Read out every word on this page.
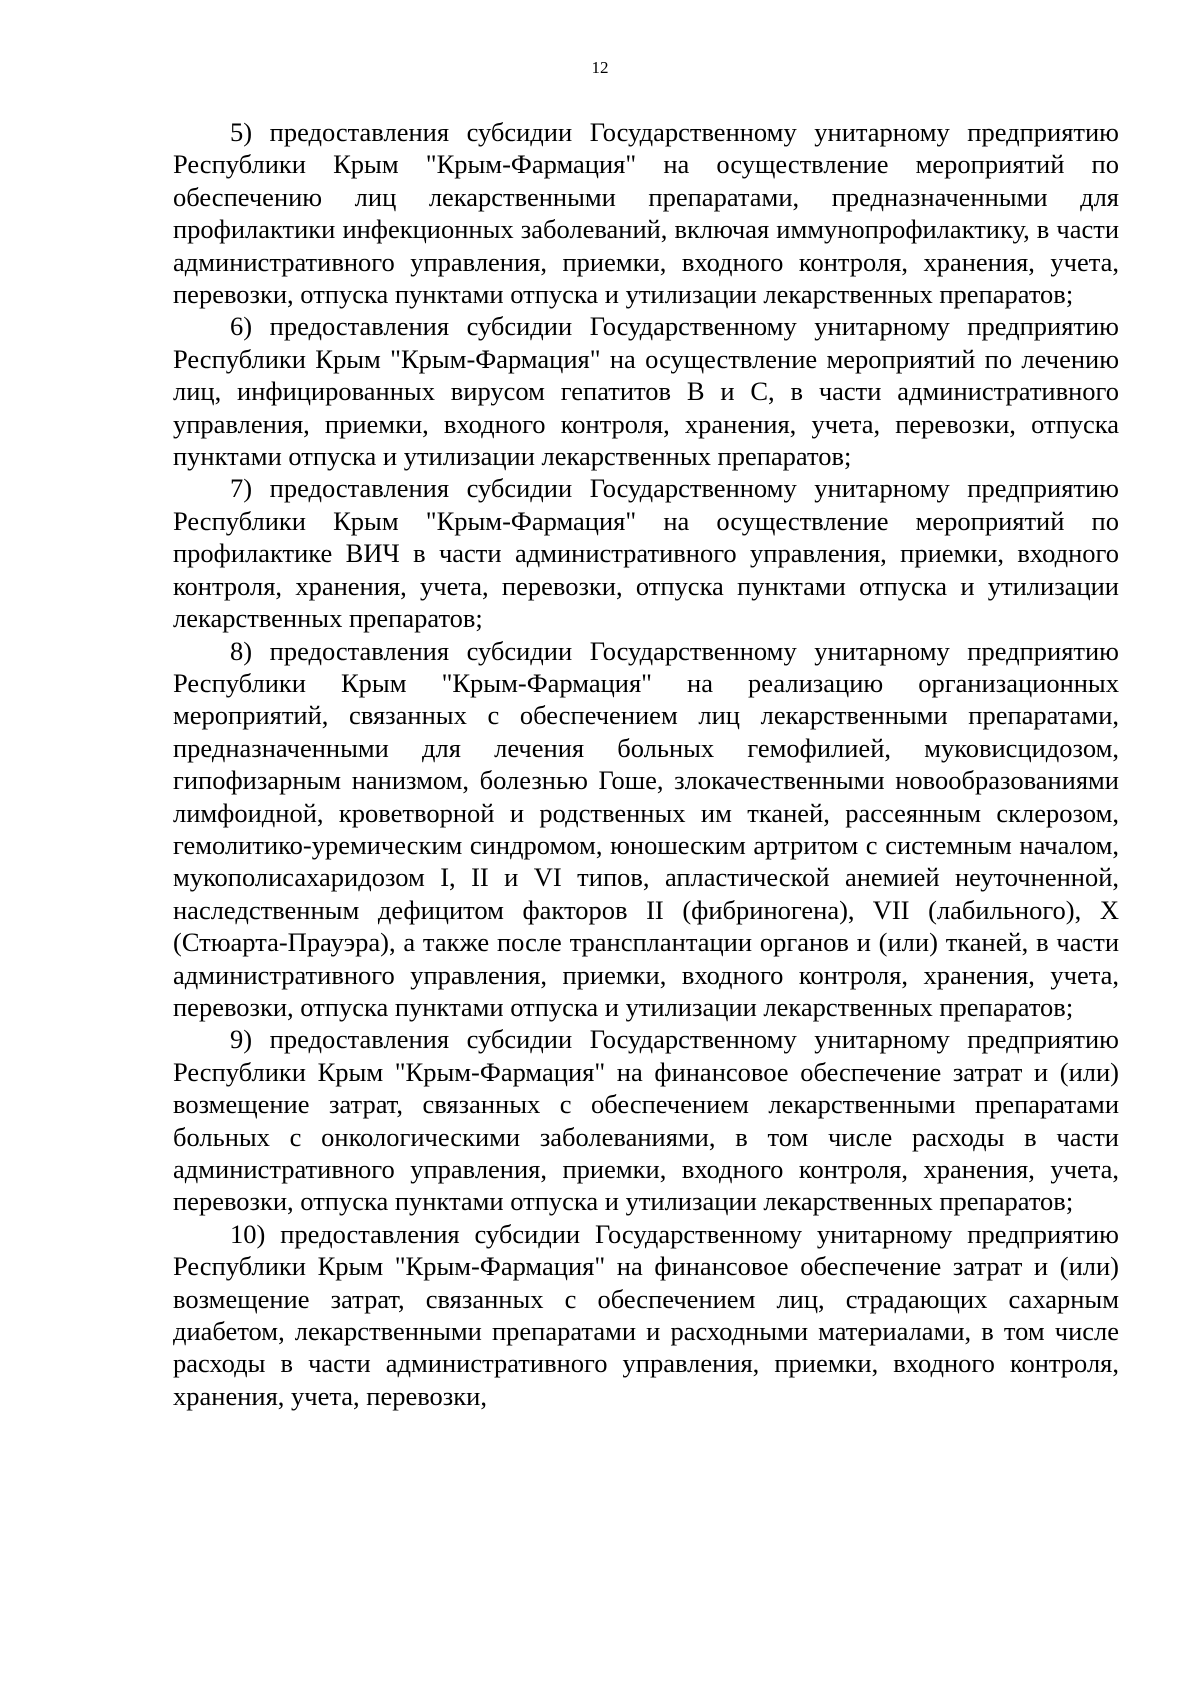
12

5) предоставления субсидии Государственному унитарному предприятию Республики Крым "Крым-Фармация" на осуществление мероприятий по обеспечению лиц лекарственными препаратами, предназначенными для профилактики инфекционных заболеваний, включая иммунопрофилактику, в части административного управления, приемки, входного контроля, хранения, учета, перевозки, отпуска пунктами отпуска и утилизации лекарственных препаратов;

6) предоставления субсидии Государственному унитарному предприятию Республики Крым "Крым-Фармация" на осуществление мероприятий по лечению лиц, инфицированных вирусом гепатитов В и С, в части административного управления, приемки, входного контроля, хранения, учета, перевозки, отпуска пунктами отпуска и утилизации лекарственных препаратов;

7) предоставления субсидии Государственному унитарному предприятию Республики Крым "Крым-Фармация" на осуществление мероприятий по профилактике ВИЧ в части административного управления, приемки, входного контроля, хранения, учета, перевозки, отпуска пунктами отпуска и утилизации лекарственных препаратов;

8) предоставления субсидии Государственному унитарному предприятию Республики Крым "Крым-Фармация" на реализацию организационных мероприятий, связанных с обеспечением лиц лекарственными препаратами, предназначенными для лечения больных гемофилией, муковисцидозом, гипофизарным нанизмом, болезнью Гоше, злокачественными новообразованиями лимфоидной, кроветворной и родственных им тканей, рассеянным склерозом, гемолитико-уремическим синдромом, юношеским артритом с системным началом, мукополисахаридозом I, II и VI типов, апластической анемией неуточненной, наследственным дефицитом факторов II (фибриногена), VII (лабильного), X (Стюарта-Прауэра), а также после трансплантации органов и (или) тканей, в части административного управления, приемки, входного контроля, хранения, учета, перевозки, отпуска пунктами отпуска и утилизации лекарственных препаратов;

9) предоставления субсидии Государственному унитарному предприятию Республики Крым "Крым-Фармация" на финансовое обеспечение затрат и (или) возмещение затрат, связанных с обеспечением лекарственными препаратами больных с онкологическими заболеваниями, в том числе расходы в части административного управления, приемки, входного контроля, хранения, учета, перевозки, отпуска пунктами отпуска и утилизации лекарственных препаратов;

10) предоставления субсидии Государственному унитарному предприятию Республики Крым "Крым-Фармация" на финансовое обеспечение затрат и (или) возмещение затрат, связанных с обеспечением лиц, страдающих сахарным диабетом, лекарственными препаратами и расходными материалами, в том числе расходы в части административного управления, приемки, входного контроля, хранения, учета, перевозки,
